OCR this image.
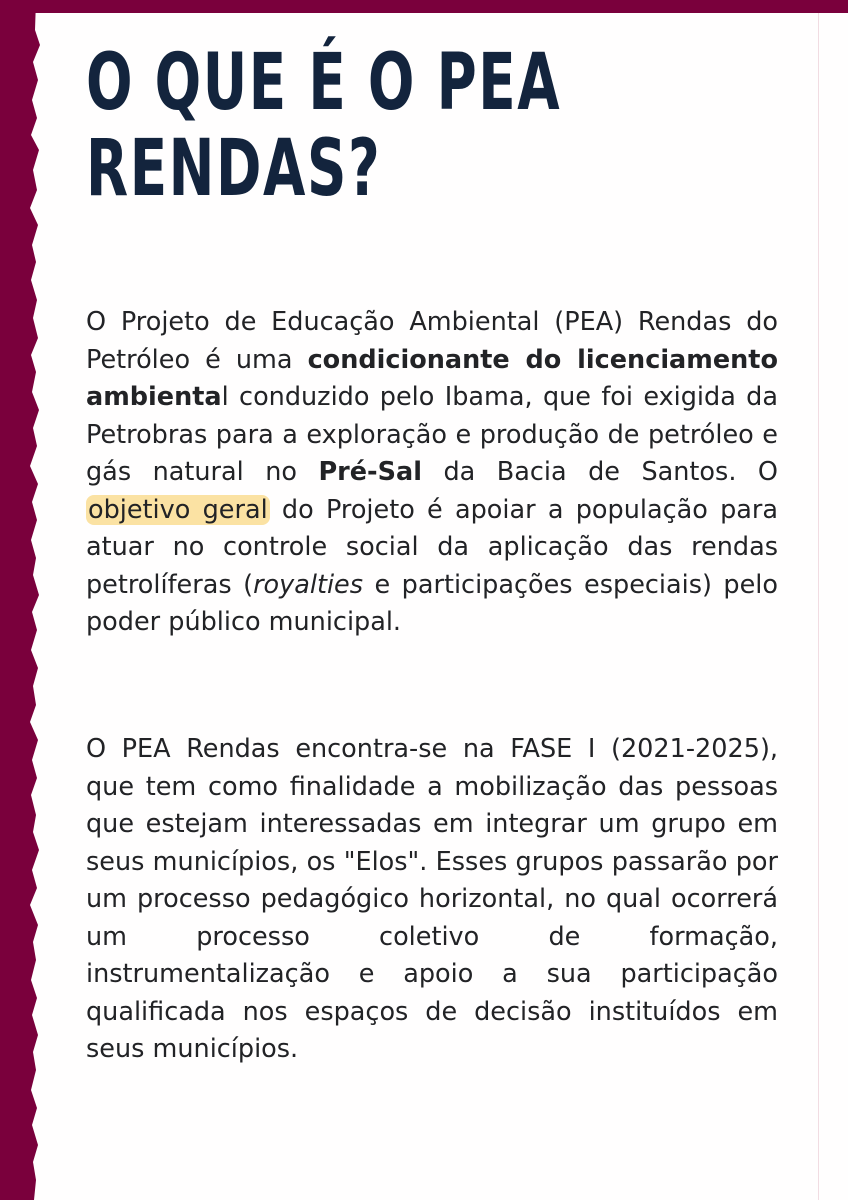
O QUE É O PEA
RENDAS?

O Projeto de Educação Ambiental (PEA) Rendas do Petróleo é uma condicionante do licenciamento ambiental conduzido pelo Ibama, que foi exigida da Petrobras para a exploração e produção de petróleo e gás natural no Pré-Sal da Bacia de Santos. O objetivo geral do Projeto é apoiar a população para atuar no controle social da aplicação das rendas petrolíferas (royalties e participações especiais) pelo poder público municipal.

O PEA Rendas encontra-se na FASE I (2021-2025), que tem como finalidade a mobilização das pessoas que estejam interessadas em integrar um grupo em seus municípios, os "Elos". Esses grupos passarão por um processo pedagógico horizontal, no qual ocorrerá um processo coletivo de formação, instrumentalização e apoio a sua participação qualificada nos espaços de decisão instituídos em seus municípios.
